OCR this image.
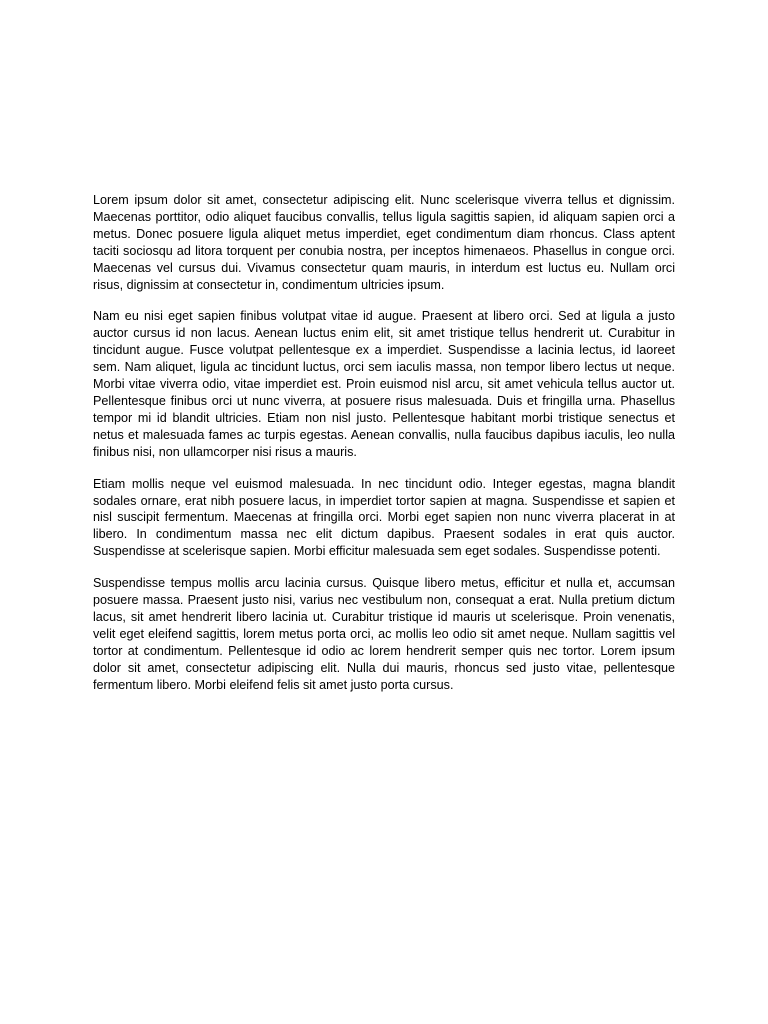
Lorem ipsum dolor sit amet, consectetur adipiscing elit. Nunc scelerisque viverra tellus et dignissim. Maecenas porttitor, odio aliquet faucibus convallis, tellus ligula sagittis sapien, id aliquam sapien orci a metus. Donec posuere ligula aliquet metus imperdiet, eget condimentum diam rhoncus. Class aptent taciti sociosqu ad litora torquent per conubia nostra, per inceptos himenaeos. Phasellus in congue orci. Maecenas vel cursus dui. Vivamus consectetur quam mauris, in interdum est luctus eu. Nullam orci risus, dignissim at consectetur in, condimentum ultricies ipsum.

Nam eu nisi eget sapien finibus volutpat vitae id augue. Praesent at libero orci. Sed at ligula a justo auctor cursus id non lacus. Aenean luctus enim elit, sit amet tristique tellus hendrerit ut. Curabitur in tincidunt augue. Fusce volutpat pellentesque ex a imperdiet. Suspendisse a lacinia lectus, id laoreet sem. Nam aliquet, ligula ac tincidunt luctus, orci sem iaculis massa, non tempor libero lectus ut neque. Morbi vitae viverra odio, vitae imperdiet est. Proin euismod nisl arcu, sit amet vehicula tellus auctor ut. Pellentesque finibus orci ut nunc viverra, at posuere risus malesuada. Duis et fringilla urna. Phasellus tempor mi id blandit ultricies. Etiam non nisl justo. Pellentesque habitant morbi tristique senectus et netus et malesuada fames ac turpis egestas. Aenean convallis, nulla faucibus dapibus iaculis, leo nulla finibus nisi, non ullamcorper nisi risus a mauris.

Etiam mollis neque vel euismod malesuada. In nec tincidunt odio. Integer egestas, magna blandit sodales ornare, erat nibh posuere lacus, in imperdiet tortor sapien at magna. Suspendisse et sapien et nisl suscipit fermentum. Maecenas at fringilla orci. Morbi eget sapien non nunc viverra placerat in at libero. In condimentum massa nec elit dictum dapibus. Praesent sodales in erat quis auctor. Suspendisse at scelerisque sapien. Morbi efficitur malesuada sem eget sodales. Suspendisse potenti.

Suspendisse tempus mollis arcu lacinia cursus. Quisque libero metus, efficitur et nulla et, accumsan posuere massa. Praesent justo nisi, varius nec vestibulum non, consequat a erat. Nulla pretium dictum lacus, sit amet hendrerit libero lacinia ut. Curabitur tristique id mauris ut scelerisque. Proin venenatis, velit eget eleifend sagittis, lorem metus porta orci, ac mollis leo odio sit amet neque. Nullam sagittis vel tortor at condimentum. Pellentesque id odio ac lorem hendrerit semper quis nec tortor. Lorem ipsum dolor sit amet, consectetur adipiscing elit. Nulla dui mauris, rhoncus sed justo vitae, pellentesque fermentum libero. Morbi eleifend felis sit amet justo porta cursus.
